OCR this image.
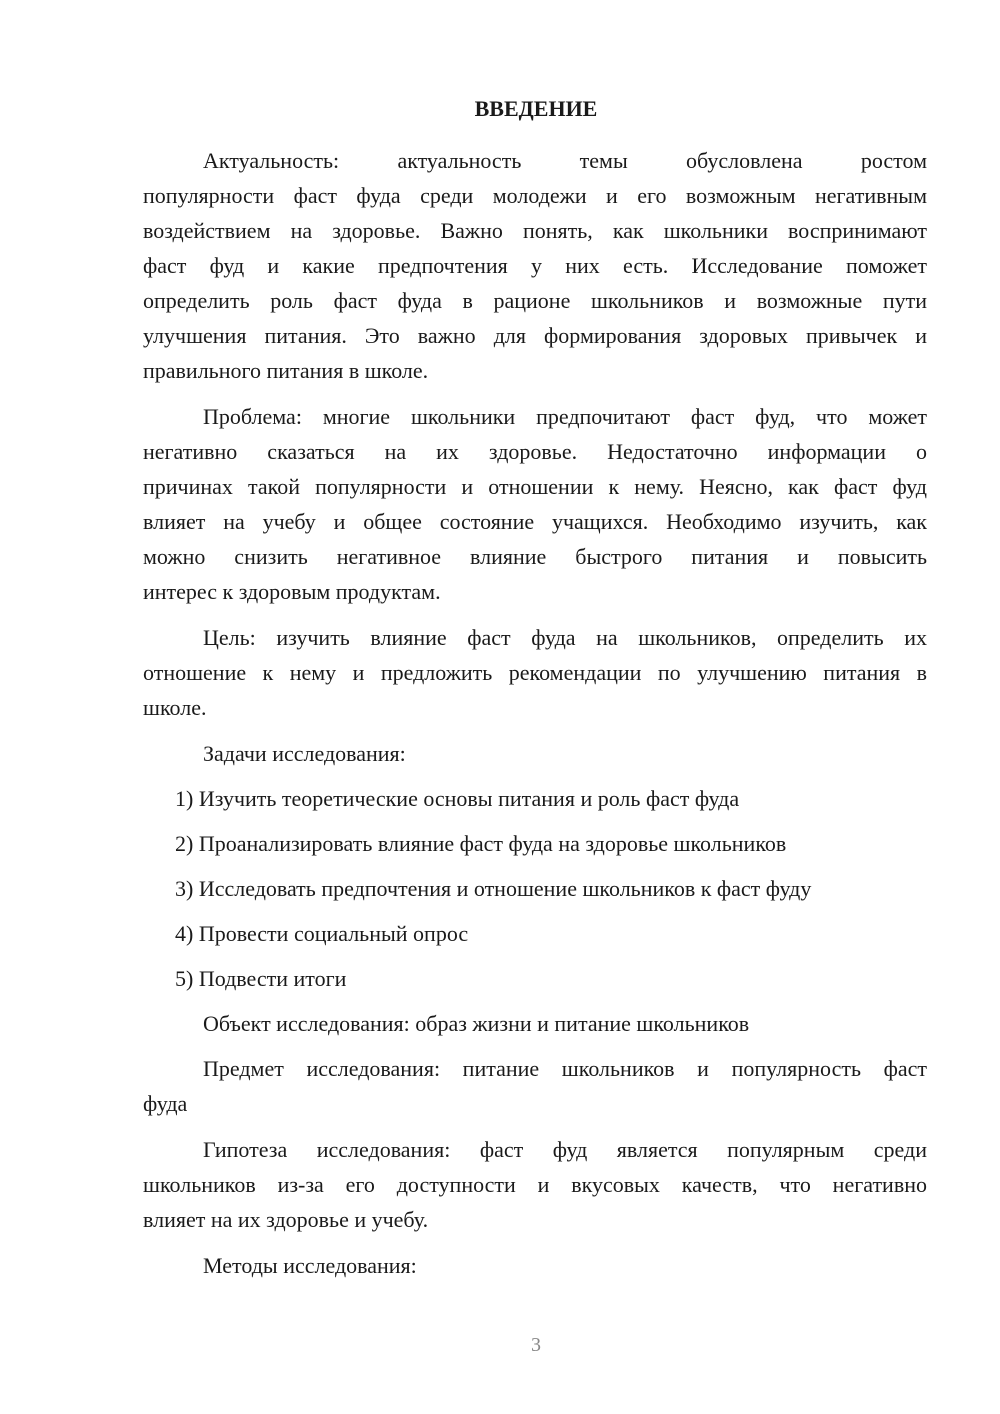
ВВЕДЕНИЕ
Актуальность: актуальность темы обусловлена ростом
популярности фаст фуда среди молодежи и его возможным негативным
воздействием на здоровье. Важно понять, как школьники воспринимают
фаст фуд и какие предпочтения у них есть. Исследование поможет
определить роль фаст фуда в рационе школьников и возможные пути
улучшения питания. Это важно для формирования здоровых привычек и
правильного питания в школе.
Проблема: многие школьники предпочитают фаст фуд, что может
негативно сказаться на их здоровье. Недостаточно информации о
причинах такой популярности и отношении к нему. Неясно, как фаст фуд
влияет на учебу и общее состояние учащихся. Необходимо изучить, как
можно снизить негативное влияние быстрого питания и повысить
интерес к здоровым продуктам.
Цель: изучить влияние фаст фуда на школьников, определить их
отношение к нему и предложить рекомендации по улучшению питания в
школе.
Задачи исследования:
1) Изучить теоретические основы питания и роль фаст фуда
2) Проанализировать влияние фаст фуда на здоровье школьников
3) Исследовать предпочтения и отношение школьников к фаст фуду
4) Провести социальный опрос
5) Подвести итоги
Объект исследования: образ жизни и питание школьников
Предмет исследования: питание школьников и популярность фаст
фуда
Гипотеза исследования: фаст фуд является популярным среди
школьников из-за его доступности и вкусовых качеств, что негативно
влияет на их здоровье и учебу.
Методы исследования:
3
